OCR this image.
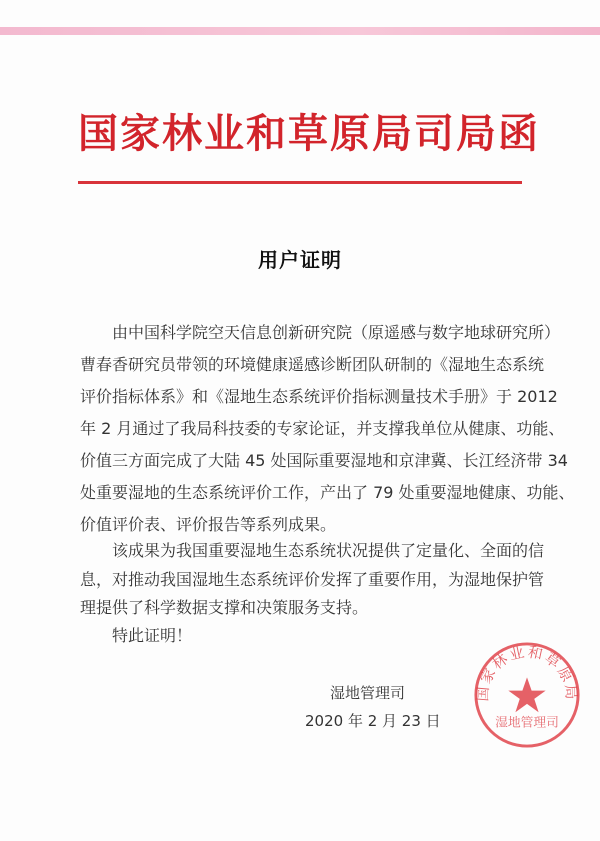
国家林业和草原局司局函
用户证明
由中国科学院空天信息创新研究院（原遥感与数字地球研究所）
曹春香研究员带领的环境健康遥感诊断团队研制的《湿地生态系统
评价指标体系》和《湿地生态系统评价指标测量技术手册》于 2012
年 2 月通过了我局科技委的专家论证，并支撑我单位从健康、功能、
价值三方面完成了大陆 45 处国际重要湿地和京津冀、长江经济带 34
处重要湿地的生态系统评价工作，产出了 79 处重要湿地健康、功能、
价值评价表、评价报告等系列成果。
该成果为我国重要湿地生态系统状况提供了定量化、全面的信
息，对推动我国湿地生态系统评价发挥了重要作用，为湿地保护管
理提供了科学数据支撑和决策服务支持。
特此证明！
国家林业和草原局
湿地管理司
湿地管理司
2020 年 2 月 23 日
